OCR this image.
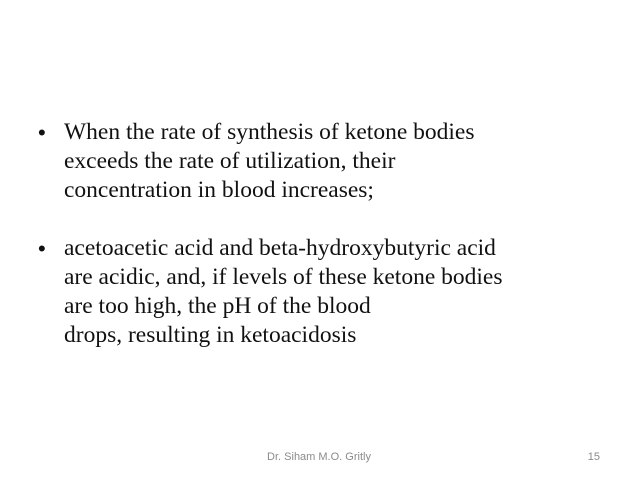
• When the rate of synthesis of ketone bodies
exceeds the rate of utilization, their
concentration in blood increases;
• acetoacetic acid and beta-hydroxybutyric acid
are acidic, and, if levels of these ketone bodies
are too high, the pH of the blood
drops, resulting in ketoacidosis
Dr. Siham M.O. Gritly	15
